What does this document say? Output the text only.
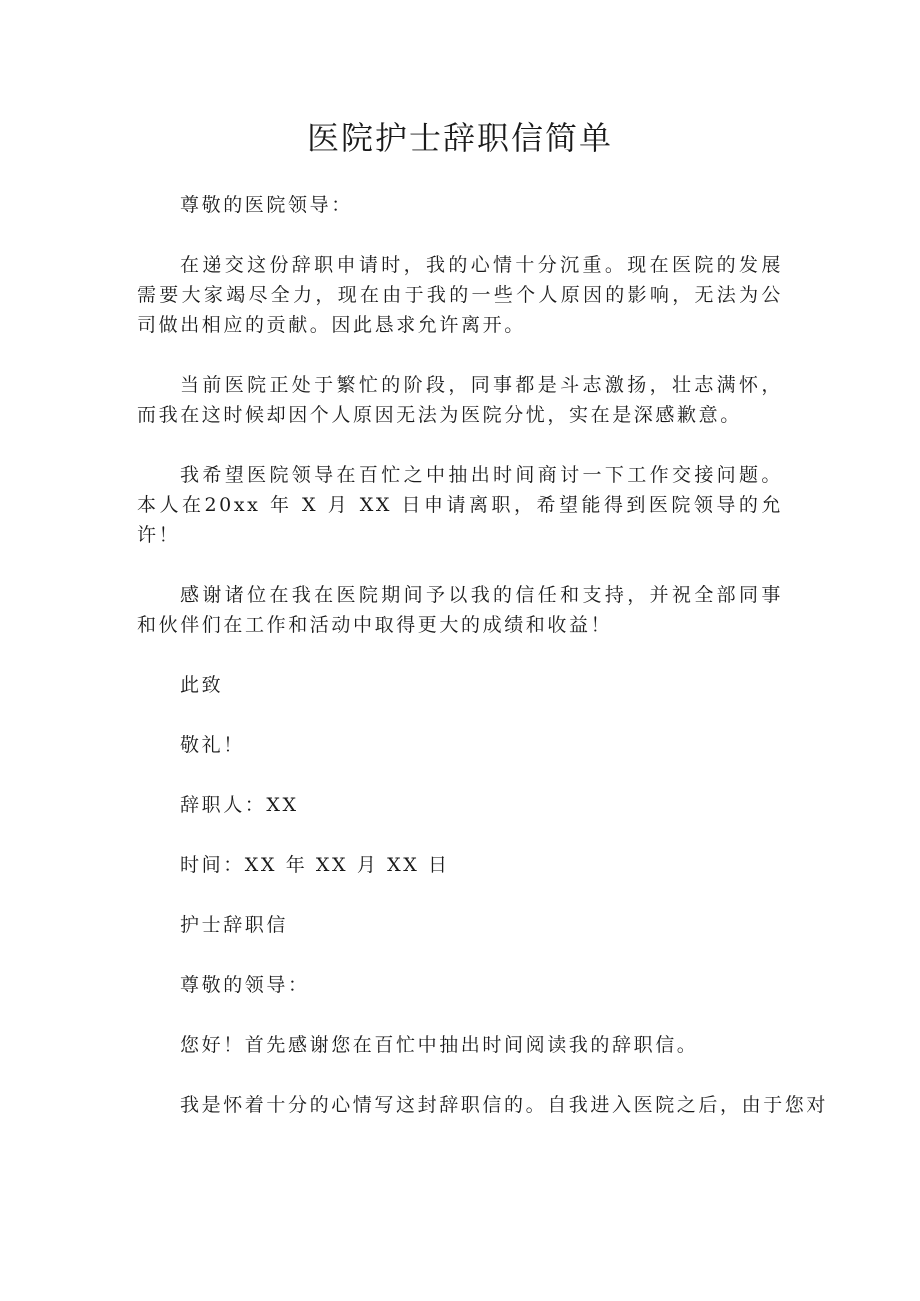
医院护士辞职信简单

尊敬的医院领导：

在递交这份辞职申请时，我的心情十分沉重。现在医院的发展需要大家竭尽全力，现在由于我的一些个人原因的影响，无法为公司做出相应的贡献。因此恳求允许离开。

当前医院正处于繁忙的阶段，同事都是斗志激扬，壮志满怀，而我在这时候却因个人原因无法为医院分忧，实在是深感歉意。

我希望医院领导在百忙之中抽出时间商讨一下工作交接问题。本人在20xx 年 X 月 XX 日申请离职，希望能得到医院领导的允许！

感谢诸位在我在医院期间予以我的信任和支持，并祝全部同事和伙伴们在工作和活动中取得更大的成绩和收益！

此致

敬礼！

辞职人：XX

时间：XX 年 XX 月 XX 日

护士辞职信

尊敬的领导：

您好！首先感谢您在百忙中抽出时间阅读我的辞职信。

我是怀着十分的心情写这封辞职信的。自我进入医院之后，由于您对
